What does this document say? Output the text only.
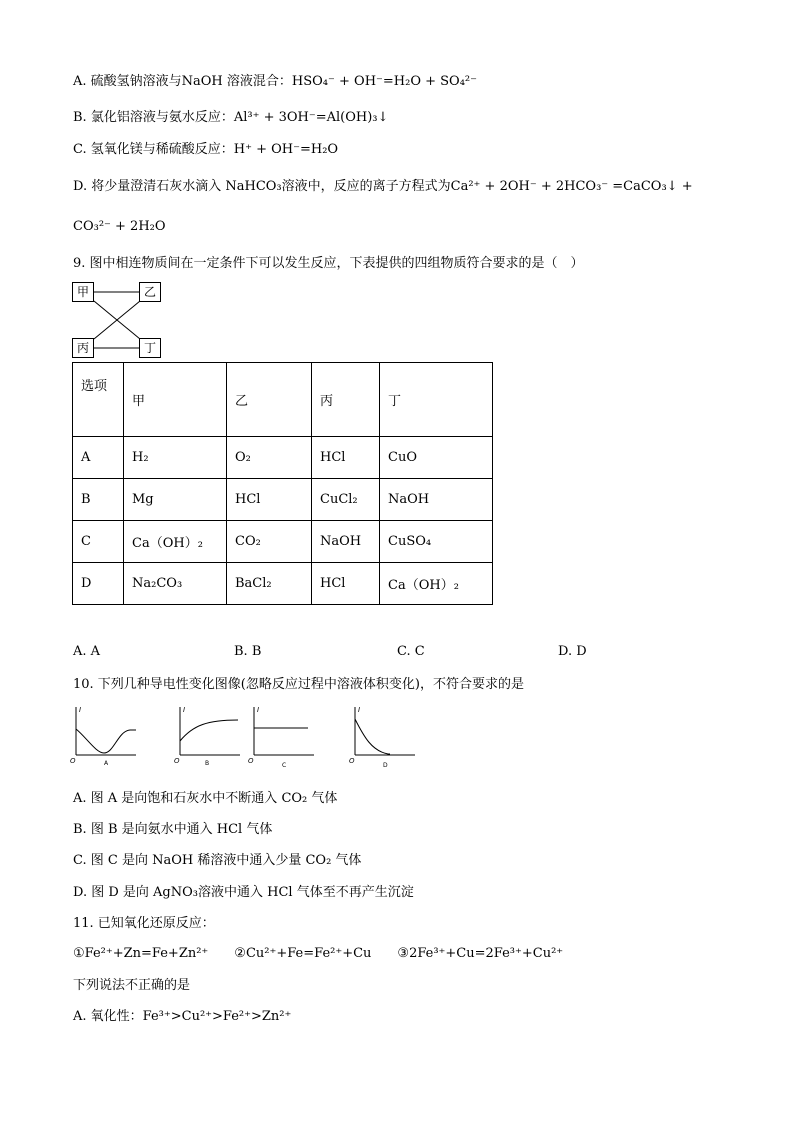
A. 硫酸氢钠溶液与NaOH 溶液混合：HSO₄⁻ + OH⁻=H₂O + SO₄²⁻
B. 氯化铝溶液与氨水反应：Al³⁺ + 3OH⁻=Al(OH)₃↓
C. 氢氧化镁与稀硫酸反应：H⁺ + OH⁻=H₂O
D. 将少量澄清石灰水滴入 NaHCO₃溶液中，反应的离子方程式为Ca²⁺ + 2OH⁻ + 2HCO₃⁻ =CaCO₃↓ +
CO₃²⁻ + 2H₂O
9. 图中相连物质间在一定条件下可以发生反应，下表提供的四组物质符合要求的是（　）
甲	乙
丙	丁
选项	甲	乙	丙	丁
A	H₂	O₂	HCl	CuO
B	Mg	HCl	CuCl₂	NaOH
C	Ca（OH）₂	CO₂	NaOH	CuSO₄
D	Na₂CO₃	BaCl₂	HCl	Ca（OH）₂
A. A	B. B	C. C	D. D
10. 下列几种导电性变化图像(忽略反应过程中溶液体积变化)，不符合要求的是
I	I	I	I
O	O	O	O
A	B	C	D
A. 图 A 是向饱和石灰水中不断通入 CO₂ 气体
B. 图 B 是向氨水中通入 HCl 气体
C. 图 C 是向 NaOH 稀溶液中通入少量 CO₂ 气体
D. 图 D 是向 AgNO₃溶液中通入 HCl 气体至不再产生沉淀
11. 已知氧化还原反应：
①Fe²⁺+Zn=Fe+Zn²⁺　　②Cu²⁺+Fe=Fe²⁺+Cu　　③2Fe³⁺+Cu=2Fe³⁺+Cu²⁺
下列说法不正确的是
A. 氧化性：Fe³⁺>Cu²⁺>Fe²⁺>Zn²⁺
